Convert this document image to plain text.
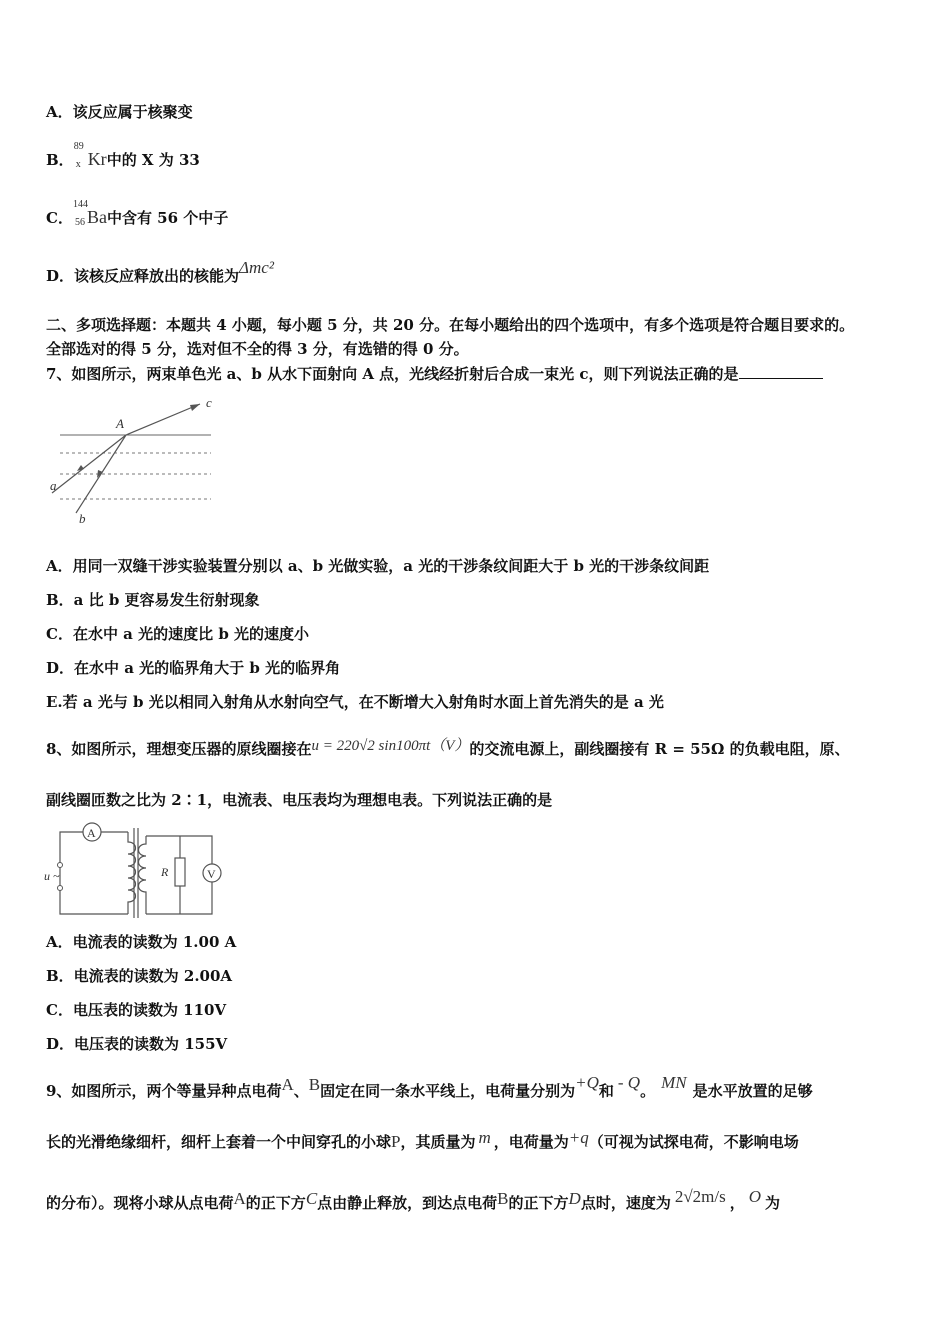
A．该反应属于核聚变
B．
89
x Kr中的 X 为 33
C．
144
56 Ba中含有 56 个中子
D．该核反应释放出的核能为Δmc²
二、多项选择题：本题共 4 小题，每小题 5 分，共 20 分。在每小题给出的四个选项中，有多个选项是符合题目要求的。
全部选对的得 5 分，选对但不全的得 3 分，有选错的得 0 分。
7、如图所示，两束单色光 a、b 从水下面射向 A 点，光线经折射后合成一束光 c，则下列说法正确的是
A
a
b
c
A．用同一双缝干涉实验装置分别以 a、b 光做实验，a 光的干涉条纹间距大于 b 光的干涉条纹间距
B．a 比 b 更容易发生衍射现象
C．在水中 a 光的速度比 b 光的速度小
D．在水中 a 光的临界角大于 b 光的临界角
E.若 a 光与 b 光以相同入射角从水射向空气，在不断增大入射角时水面上首先消失的是 a 光
8、如图所示，理想变压器的原线圈接在u = 220√2 sin100πt（V）的交流电源上，副线圈接有 R = 55Ω 的负载电阻，原、
副线圈匝数之比为 2∶1，电流表、电压表均为理想电表。下列说法正确的是
A
u ~	R	V
A．电流表的读数为 1.00 A
B．电流表的读数为 2.00A
C．电压表的读数为 110V
D．电压表的读数为 155V
9、如图所示，两个等量异种点电荷A、B固定在同一条水平线上，电荷量分别为+Q和 - Q。 MN 是水平放置的足够
长的光滑绝缘细杆，细杆上套着一个中间穿孔的小球P，其质量为 m ，电荷量为+q（可视为试探电荷，不影响电场
的分布）。现将小球从点电荷A的正下方C点由静止释放，到达点电荷B的正下方D点时，速度为 2√2m/s ， O 为
